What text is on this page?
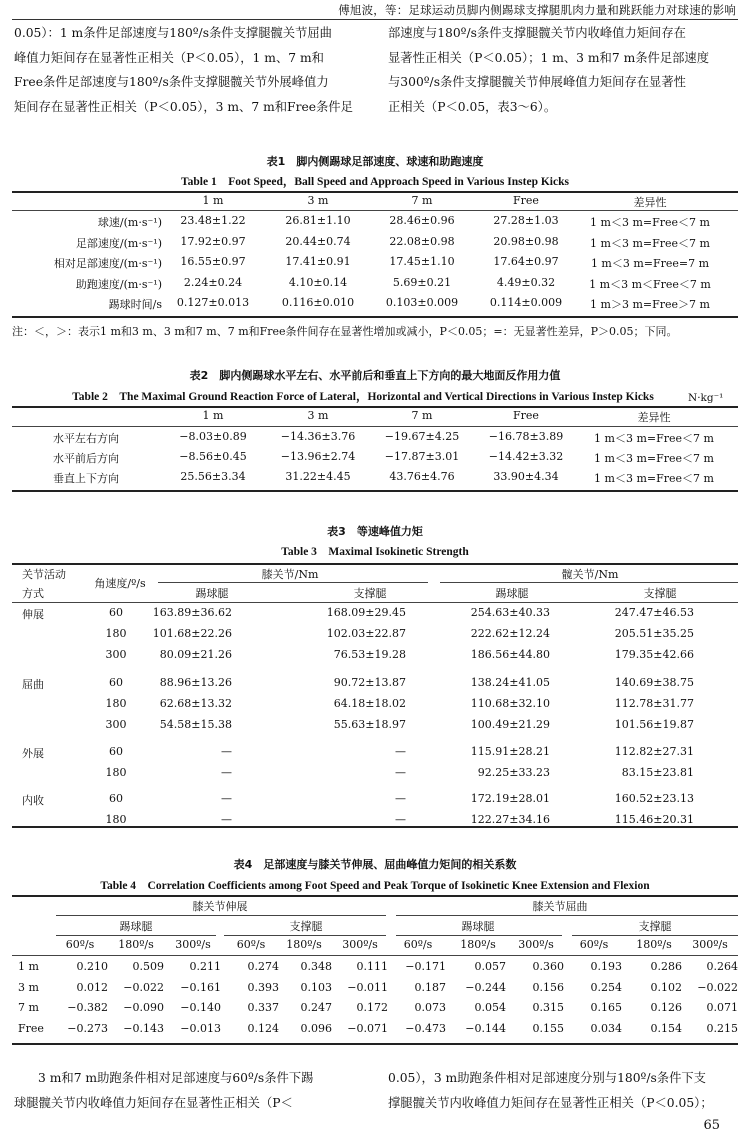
傅旭波，等：足球运动员脚内侧踢球支撑腿肌肉力量和跳跃能力对球速的影响
0.05）：1 m条件足部速度与180º/s条件支撑腿髋关节屈曲
峰值力矩间存在显著性正相关（P＜0.05），1 m、7 m和
Free条件足部速度与180º/s条件支撑腿髋关节外展峰值力
矩间存在显著性正相关（P＜0.05），3 m、7 m和Free条件足
部速度与180º/s条件支撑腿髋关节内收峰值力矩间存在
显著性正相关（P＜0.05）；1 m、3 m和7 m条件足部速度
与300º/s条件支撑腿髋关节伸展峰值力矩间存在显著性
正相关（P＜0.05，表3～6）。
表1　脚内侧踢球足部速度、球速和助跑速度
Table 1　Foot Speed，Ball Speed and Approach Speed in Various Instep Kicks
1 m	3 m	7 m	Free	差异性
球速/(m·s⁻¹)	23.48±1.22	26.81±1.10	28.46±0.96	27.28±1.03	1 m＜3 m=Free＜7 m
足部速度/(m·s⁻¹)	17.92±0.97	20.44±0.74	22.08±0.98	20.98±0.98	1 m＜3 m=Free＜7 m
相对足部速度/(m·s⁻¹)	16.55±0.97	17.41±0.91	17.45±1.10	17.64±0.97	1 m＜3 m=Free=7 m
助跑速度/(m·s⁻¹)	2.24±0.24	4.10±0.14	5.69±0.21	4.49±0.32	1 m＜3 m＜Free＜7 m
踢球时间/s	0.127±0.013	0.116±0.010	0.103±0.009	0.114±0.009	1 m＞3 m=Free＞7 m
注：＜，＞：表示1 m和3 m、3 m和7 m、7 m和Free条件间存在显著性增加或减小，P＜0.05；=：无显著性差异，P＞0.05；下同。
表2　脚内侧踢球水平左右、水平前后和垂直上下方向的最大地面反作用力值
Table 2　The Maximal Ground Reaction Force of Lateral，Horizontal and Vertical Directions in Various Instep Kicks	N·kg⁻¹
1 m	3 m	7 m	Free	差异性
水平左右方向	−8.03±0.89	−14.36±3.76	−19.67±4.25	−16.78±3.89	1 m＜3 m=Free＜7 m
水平前后方向	−8.56±0.45	−13.96±2.74	−17.87±3.01	−14.42±3.32	1 m＜3 m=Free＜7 m
垂直上下方向	25.56±3.34	31.22±4.45	43.76±4.76	33.90±4.34	1 m＜3 m=Free＜7 m
表3　等速峰值力矩
Table 3　Maximal Isokinetic Strength
关节活动
方式
角速度/º/s
膝关节/Nm	髋关节/Nm
踢球腿	支撑腿	踢球腿	支撑腿
伸展	60	163.89±36.62	168.09±29.45	254.63±40.33	247.47±46.53
180	101.68±22.26	102.03±22.87	222.62±12.24	205.51±35.25
300	80.09±21.26	76.53±19.28	186.56±44.80	179.35±42.66
屈曲	60	88.96±13.26	90.72±13.87	138.24±41.05	140.69±38.75
180	62.68±13.32	64.18±18.02	110.68±32.10	112.78±31.77
300	54.58±15.38	55.63±18.97	100.49±21.29	101.56±19.87
外展	60	—	—	115.91±28.21	112.82±27.31
180	—	—	92.25±33.23	83.15±23.81
内收	60	—	—	172.19±28.01	160.52±23.13
180	—	—	122.27±34.16	115.46±20.31
表4　足部速度与膝关节伸展、屈曲峰值力矩间的相关系数
Table 4　Correlation Coefficients among Foot Speed and Peak Torque of Isokinetic Knee Extension and Flexion
膝关节伸展	膝关节屈曲
踢球腿	支撑腿	踢球腿	支撑腿
60º/s	180º/s	300º/s	60º/s	180º/s	300º/s	60º/s	180º/s	300º/s	60º/s	180º/s	300º/s
1 m	0.210	0.509	0.211	0.274	0.348	0.111	−0.171	0.057	0.360	0.193	0.286	0.264
3 m	0.012	−0.022	−0.161	0.393	0.103	−0.011	0.187	−0.244	0.156	0.254	0.102	−0.022
7 m	−0.382	−0.090	−0.140	0.337	0.247	0.172	0.073	0.054	0.315	0.165	0.126	0.071
Free	−0.273	−0.143	−0.013	0.124	0.096	−0.071	−0.473	−0.144	0.155	0.034	0.154	0.215
3 m和7 m助跑条件相对足部速度与60º/s条件下踢
球腿髋关节内收峰值力矩间存在显著性正相关（P＜
0.05），3 m助跑条件相对足部速度分别与180º/s条件下支
撑腿髋关节内收峰值力矩间存在显著性正相关（P＜0.05）；
65
